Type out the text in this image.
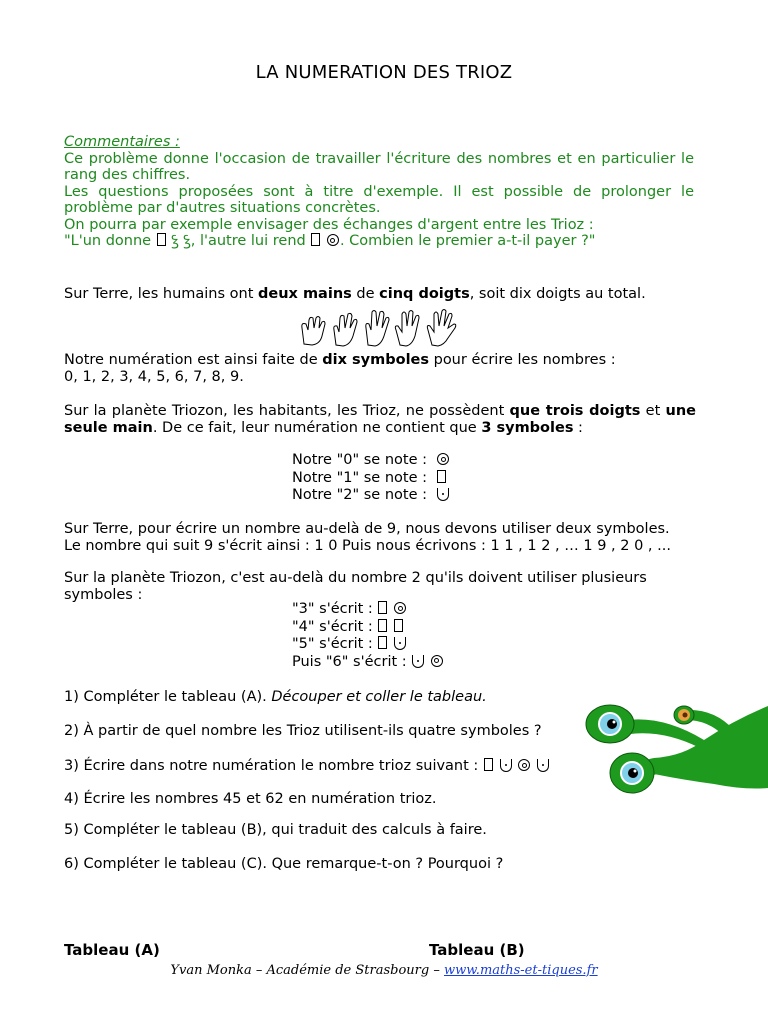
LA NUMERATION DES TRIOZ

Commentaires :

Ce problème donne l'occasion de travailler l'écriture des nombres et en particulier le rang des chiffres.

Les questions proposées sont à titre d'exemple. Il est possible de prolonger le problème par d'autres situations concrètes.

On pourra par exemple envisager des échanges d'argent entre les Trioz :

"L'un donne ꝣ ꝣ, l'autre lui rend . Combien le premier a-t-il payer ?"

Sur Terre, les humains ont deux mains de cinq doigts, soit dix doigts au total.

Notre numération est ainsi faite de dix symboles pour écrire les nombres :

0, 1, 2, 3, 4, 5, 6, 7, 8, 9.

Sur la planète Triozon, les habitants, les Trioz, ne possèdent que trois doigts et une seule main. De ce fait, leur numération ne contient que 3 symboles :

Notre "0" se note :

Notre "1" se note :

Notre "2" se note :

Sur Terre, pour écrire un nombre au-delà de 9, nous devons utiliser deux symboles.

Le nombre qui suit 9 s'écrit ainsi : 1 0 Puis nous écrivons : 1 1 , 1 2 , … 1 9 , 2 0 , ...

Sur la planète Triozon, c'est au-delà du nombre 2 qu'ils doivent utiliser plusieurs symboles :

"3" s'écrit :

"4" s'écrit :

"5" s'écrit :

Puis "6" s'écrit :

1) Compléter le tableau (A). Découper et coller le tableau.
2) À partir de quel nombre les Trioz utilisent-ils quatre symboles ?
3) Écrire dans notre numération le nombre trioz suivant :
4) Écrire les nombres 45 et 62 en numération trioz.
5) Compléter le tableau (B), qui traduit des calculs à faire.
6) Compléter le tableau (C). Que remarque-t-on ? Pourquoi ?
Tableau (A)	Tableau (B)
Yvan Monka – Académie de Strasbourg – www.maths-et-tiques.fr
